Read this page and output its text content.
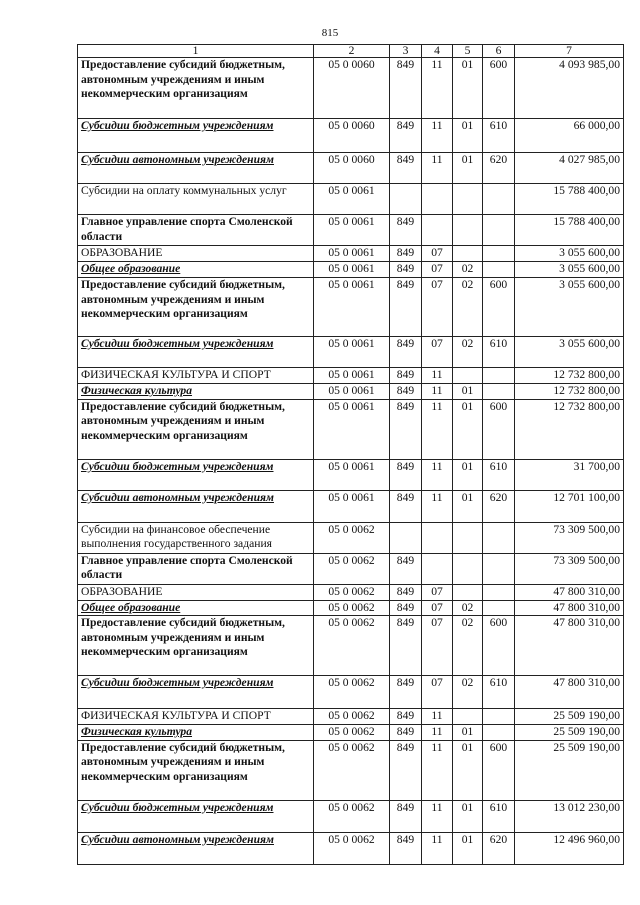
815
1	2	3	4	5	6	7
Предоставление субсидий бюджетным, автономным учреждениям и иным некоммерческим организациям	05 0 0060	849	11	01	600	4 093 985,00
Субсидии бюджетным учреждениям	05 0 0060	849	11	01	610	66 000,00
Субсидии автономным учреждениям	05 0 0060	849	11	01	620	4 027 985,00
Субсидии на оплату коммунальных услуг	05 0 0061					15 788 400,00
Главное управление спорта Смоленской области	05 0 0061	849				15 788 400,00
ОБРАЗОВАНИЕ	05 0 0061	849	07			3 055 600,00
Общее образование	05 0 0061	849	07	02		3 055 600,00
Предоставление субсидий бюджетным, автономным учреждениям и иным некоммерческим организациям	05 0 0061	849	07	02	600	3 055 600,00
Субсидии бюджетным учреждениям	05 0 0061	849	07	02	610	3 055 600,00
ФИЗИЧЕСКАЯ КУЛЬТУРА И СПОРТ	05 0 0061	849	11			12 732 800,00
Физическая культура	05 0 0061	849	11	01		12 732 800,00
Предоставление субсидий бюджетным, автономным учреждениям и иным некоммерческим организациям	05 0 0061	849	11	01	600	12 732 800,00
Субсидии бюджетным учреждениям	05 0 0061	849	11	01	610	31 700,00
Субсидии автономным учреждениям	05 0 0061	849	11	01	620	12 701 100,00
Субсидии на финансовое обеспечение выполнения государственного задания	05 0 0062					73 309 500,00
Главное управление спорта Смоленской области	05 0 0062	849				73 309 500,00
ОБРАЗОВАНИЕ	05 0 0062	849	07			47 800 310,00
Общее образование	05 0 0062	849	07	02		47 800 310,00
Предоставление субсидий бюджетным, автономным учреждениям и иным некоммерческим организациям	05 0 0062	849	07	02	600	47 800 310,00
Субсидии бюджетным учреждениям	05 0 0062	849	07	02	610	47 800 310,00
ФИЗИЧЕСКАЯ КУЛЬТУРА И СПОРТ	05 0 0062	849	11			25 509 190,00
Физическая культура	05 0 0062	849	11	01		25 509 190,00
Предоставление субсидий бюджетным, автономным учреждениям и иным некоммерческим организациям	05 0 0062	849	11	01	600	25 509 190,00
Субсидии бюджетным учреждениям	05 0 0062	849	11	01	610	13 012 230,00
Субсидии автономным учреждениям	05 0 0062	849	11	01	620	12 496 960,00
